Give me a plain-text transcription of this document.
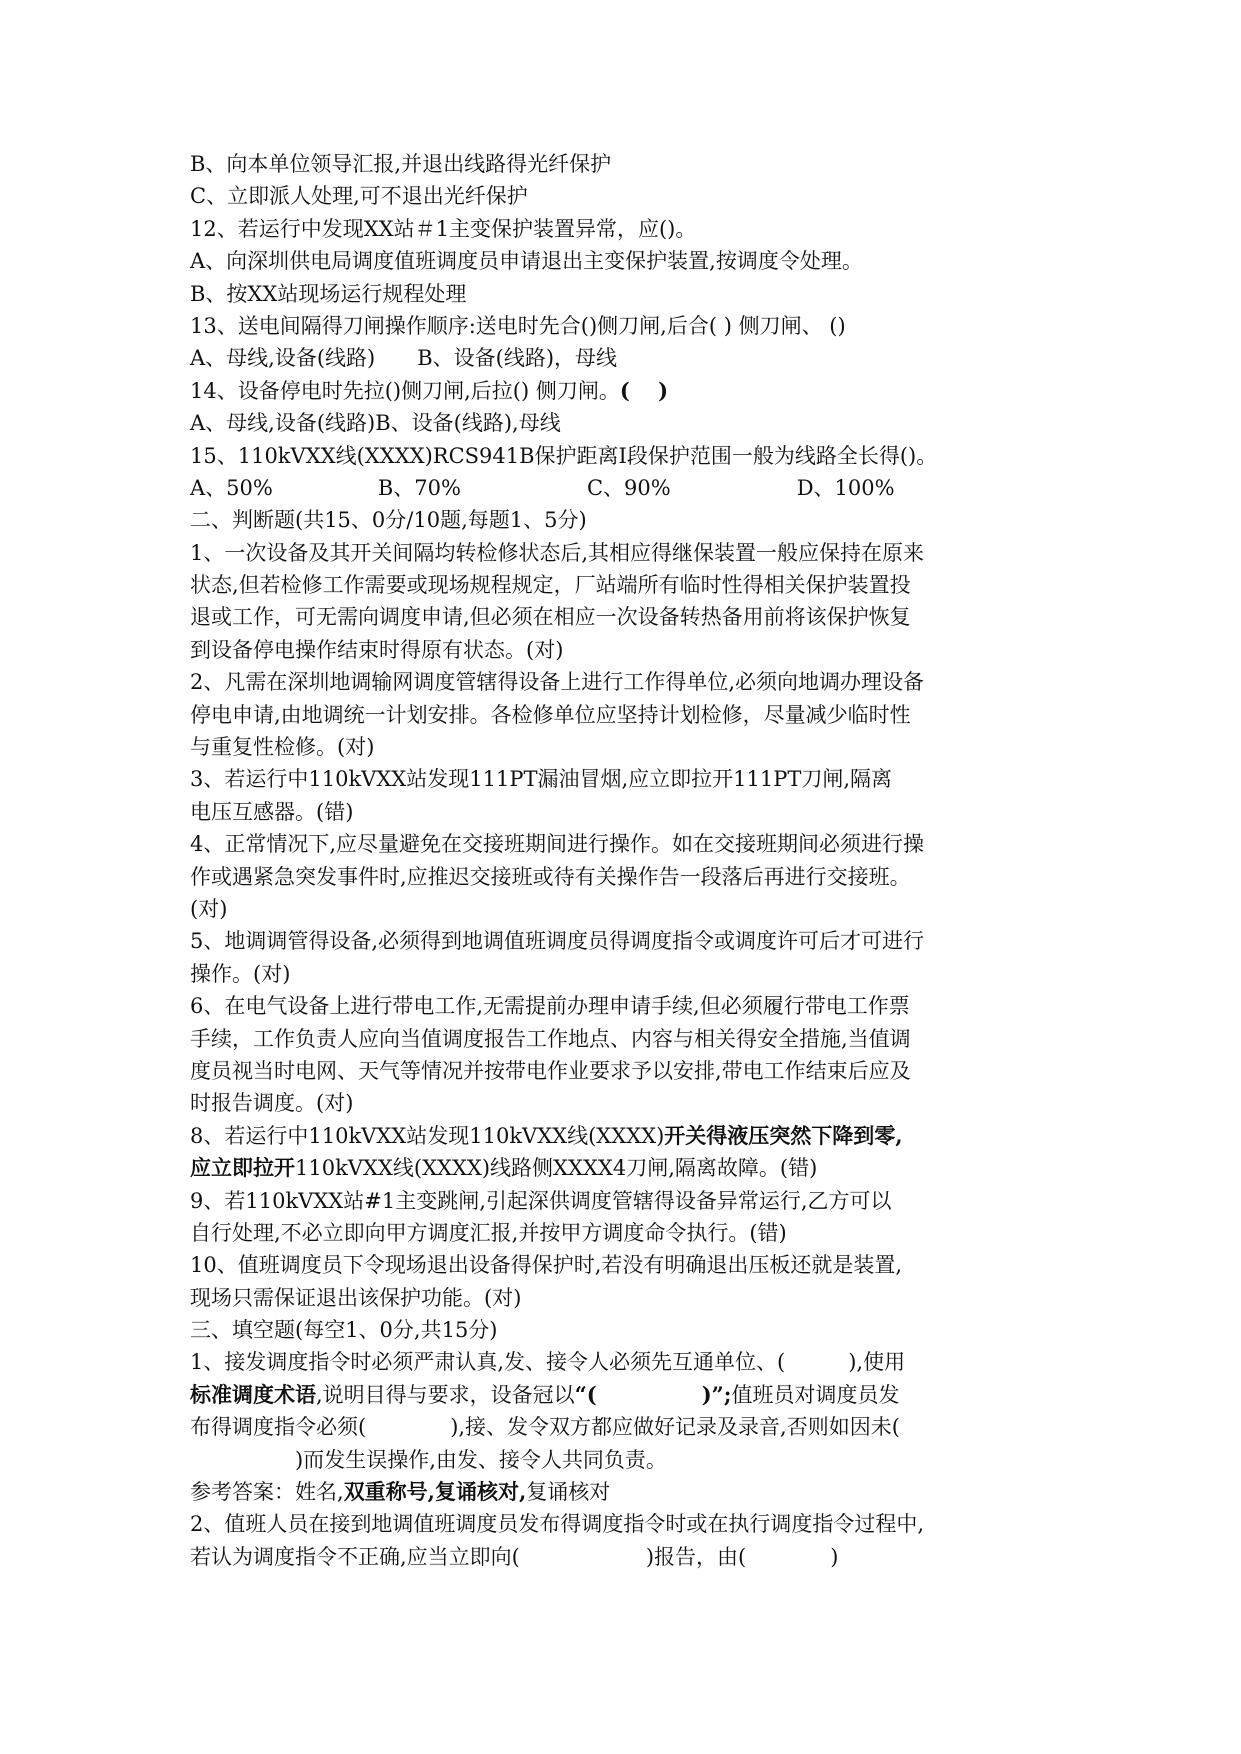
B、向本单位领导汇报,并退出线路得光纤保护
C、立即派人处理,可不退出光纤保护
12、若运行中发现XX站＃1主变保护装置异常，应()。
A、向深圳供电局调度值班调度员申请退出主变保护装置,按调度令处理。
B、按XX站现场运行规程处理
13、送电间隔得刀闸操作顺序:送电时先合()侧刀闸,后合( ) 侧刀闸、 ()
A、母线,设备(线路)　　B、设备(线路)，母线
14、设备停电时先拉()侧刀闸,后拉() 侧刀闸。( 　)
A、母线,设备(线路)B、设备(线路),母线
15、110kVXX线(XXXX)RCS941B保护距离Ⅰ段保护范围一般为线路全长得()。
A、50%　　　　　B、70%　　　　　　C、90%　　　　　　D、100%
二、判断题(共15、0分/10题,每题1、5分)
1、一次设备及其开关间隔均转检修状态后,其相应得继保装置一般应保持在原来
状态,但若检修工作需要或现场规程规定，厂站端所有临时性得相关保护装置投
退或工作，可无需向调度申请,但必须在相应一次设备转热备用前将该保护恢复
到设备停电操作结束时得原有状态。(对)
2、凡需在深圳地调输网调度管辖得设备上进行工作得单位,必须向地调办理设备
停电申请,由地调统一计划安排。各检修单位应坚持计划检修，尽量减少临时性
与重复性检修。(对)
3、若运行中110kVXX站发现111PT漏油冒烟,应立即拉开111PT刀闸,隔离
电压互感器。(错)
4、正常情况下,应尽量避免在交接班期间进行操作。如在交接班期间必须进行操
作或遇紧急突发事件时,应推迟交接班或待有关操作告一段落后再进行交接班。
(对)
5、地调调管得设备,必须得到地调值班调度员得调度指令或调度许可后才可进行
操作。(对)
6、在电气设备上进行带电工作,无需提前办理申请手续,但必须履行带电工作票
手续，工作负责人应向当值调度报告工作地点、内容与相关得安全措施,当值调
度员视当时电网、天气等情况并按带电作业要求予以安排,带电工作结束后应及
时报告调度。(对)
8、若运行中110kVXX站发现110kVXX线(XXXX)开关得液压突然下降到零,
应立即拉开110kVXX线(XXXX)线路侧XXXX4刀闸,隔离故障。(错)
9、若110kVXX站#1主变跳闸,引起深供调度管辖得设备异常运行,乙方可以
自行处理,不必立即向甲方调度汇报,并按甲方调度命令执行。(错)
10、值班调度员下令现场退出设备得保护时,若没有明确退出压板还就是装置,
现场只需保证退出该保护功能。(对)
三、填空题(每空1、0分,共15分)
1、接发调度指令时必须严肃认真,发、接令人必须先互通单位、(　　　),使用
标准调度术语,说明目得与要求，设备冠以“(　　　　　)”;值班员对调度员发
布得调度指令必须(　　　　),接、发令双方都应做好记录及录音,否则如因未(
　　　　　)而发生误操作,由发、接令人共同负责。
参考答案：姓名,双重称号,复诵核对,复诵核对
2、值班人员在接到地调值班调度员发布得调度指令时或在执行调度指令过程中,
若认为调度指令不正确,应当立即向(　　　　　　)报告，由(　　　　)
